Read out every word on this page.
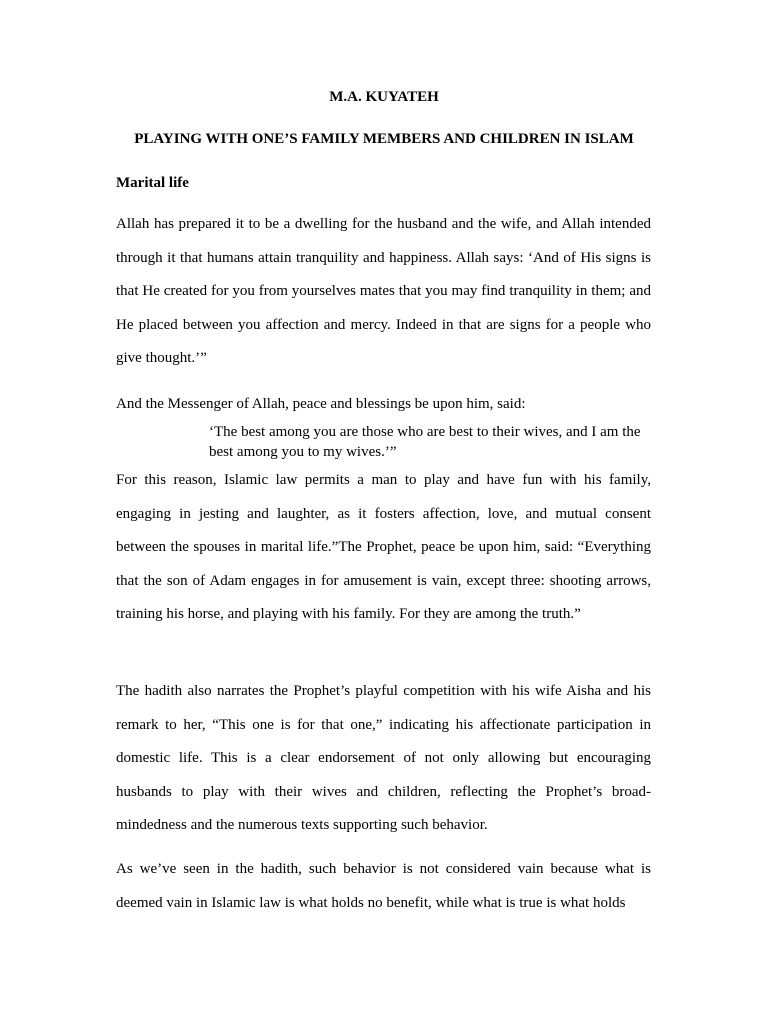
M.A. KUYATEH
PLAYING WITH ONE’S FAMILY MEMBERS AND CHILDREN IN ISLAM
Marital life

Allah has prepared it to be a dwelling for the husband and the wife, and Allah intended through it that humans attain tranquility and happiness. Allah says: ‘And of His signs is that He created for you from yourselves mates that you may find tranquility in them; and He placed between you affection and mercy. Indeed in that are signs for a people who give thought.’”

And the Messenger of Allah, peace and blessings be upon him, said:

‘The best among you are those who are best to their wives, and I am the best among you to my wives.’”

For this reason, Islamic law permits a man to play and have fun with his family, engaging in jesting and laughter, as it fosters affection, love, and mutual consent between the spouses in marital life.”The Prophet, peace be upon him, said: “Everything that the son of Adam engages in for amusement is vain, except three: shooting arrows, training his horse, and playing with his family. For they are among the truth.”

The hadith also narrates the Prophet’s playful competition with his wife Aisha and his remark to her, “This one is for that one,” indicating his affectionate participation in domestic life. This is a clear endorsement of not only allowing but encouraging husbands to play with their wives and children, reflecting the Prophet’s broad-mindedness and the numerous texts supporting such behavior.

As we’ve seen in the hadith, such behavior is not considered vain because what is deemed vain in Islamic law is what holds no benefit, while what is true is what holds
